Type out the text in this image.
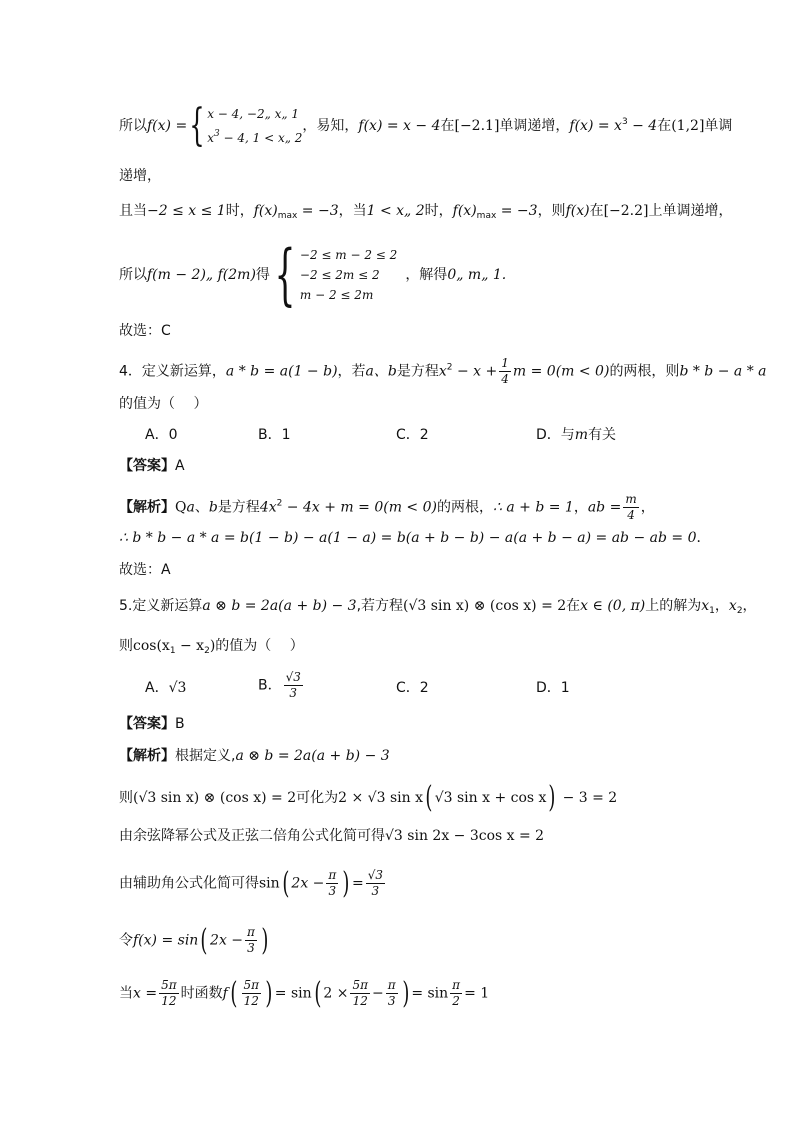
所以f(x) ={ x − 4, −2„ x„ 1
$x^3 - 4$, 1 < x„ 2
，易知，f(x) = x − 4在[−2.1]单调递增，$f(x) = x^3 - 4$在(1,2]单调
递增，
且当−2 ≤ x ≤ 1时，$f(x)_{max} = -3$，当1 < x„ 2时，$f(x)_{max} = -3$，则f(x)在[−2.2]上单调递增，
所以f(m − 2)„ f(2m)得{ −2 ≤ m − 2 ≤ 2
−2 ≤ 2m ≤ 2
m − 2 ≤ 2m
，解得0„ m„ 1.
故选：C
4．定义新运算，a * b = a(1 − b)，若a、b是方程$x^2 - x + \frac{1}{4}$ m = 0(m < 0)的两根，则b * b − a * a
的值为（　 ）
A．0	B．1	C．2	D．与m有关
【答案】A
【解析】Qa、b是方程$4x^2 - 4x + m = 0(m < 0)$的两根，∴ a + b = 1，ab = $\frac{m}{4}$ ，
∴ b * b − a * a = b(1 − b) − a(1 − a) = b(a + b − b) − a(a + b − a) = ab − ab = 0．
故选：A
5.定义新运算a ⊗ b = 2a(a + b) − 3,若方程(√3 sin x) ⊗ (cos x) = 2在x ∈ (0, π)上的解为$x_1$，$x_2$，
则$\cos(x_1 - x_2)$的值为（　 ）
A．√3	B． $\frac{√3}{3}$	C．2	D．1
【答案】B
【解析】根据定义,a ⊗ b = 2a(a + b) − 3
则(√3 sin x) ⊗ (cos x) = 2可化为2 × √3 sin x( √3 sin x + cos x) − 3 = 2
由余弦降幂公式及正弦二倍角公式化简可得√3 sin 2x − 3cos x = 2
由辅助角公式化简可得sin( $2x - \frac{\pi}{3}$ ) = $\frac{√3}{3}$
令f(x) = sin( $2x - \frac{\pi}{3}$ )
当$x = \frac{5\pi}{12}$ 时函数$f( \frac{5\pi}{12}$ ) = sin( $2 \times \frac{5\pi}{12} - \frac{\pi}{3}$ ) = $\sin \frac{\pi}{2} = 1$
